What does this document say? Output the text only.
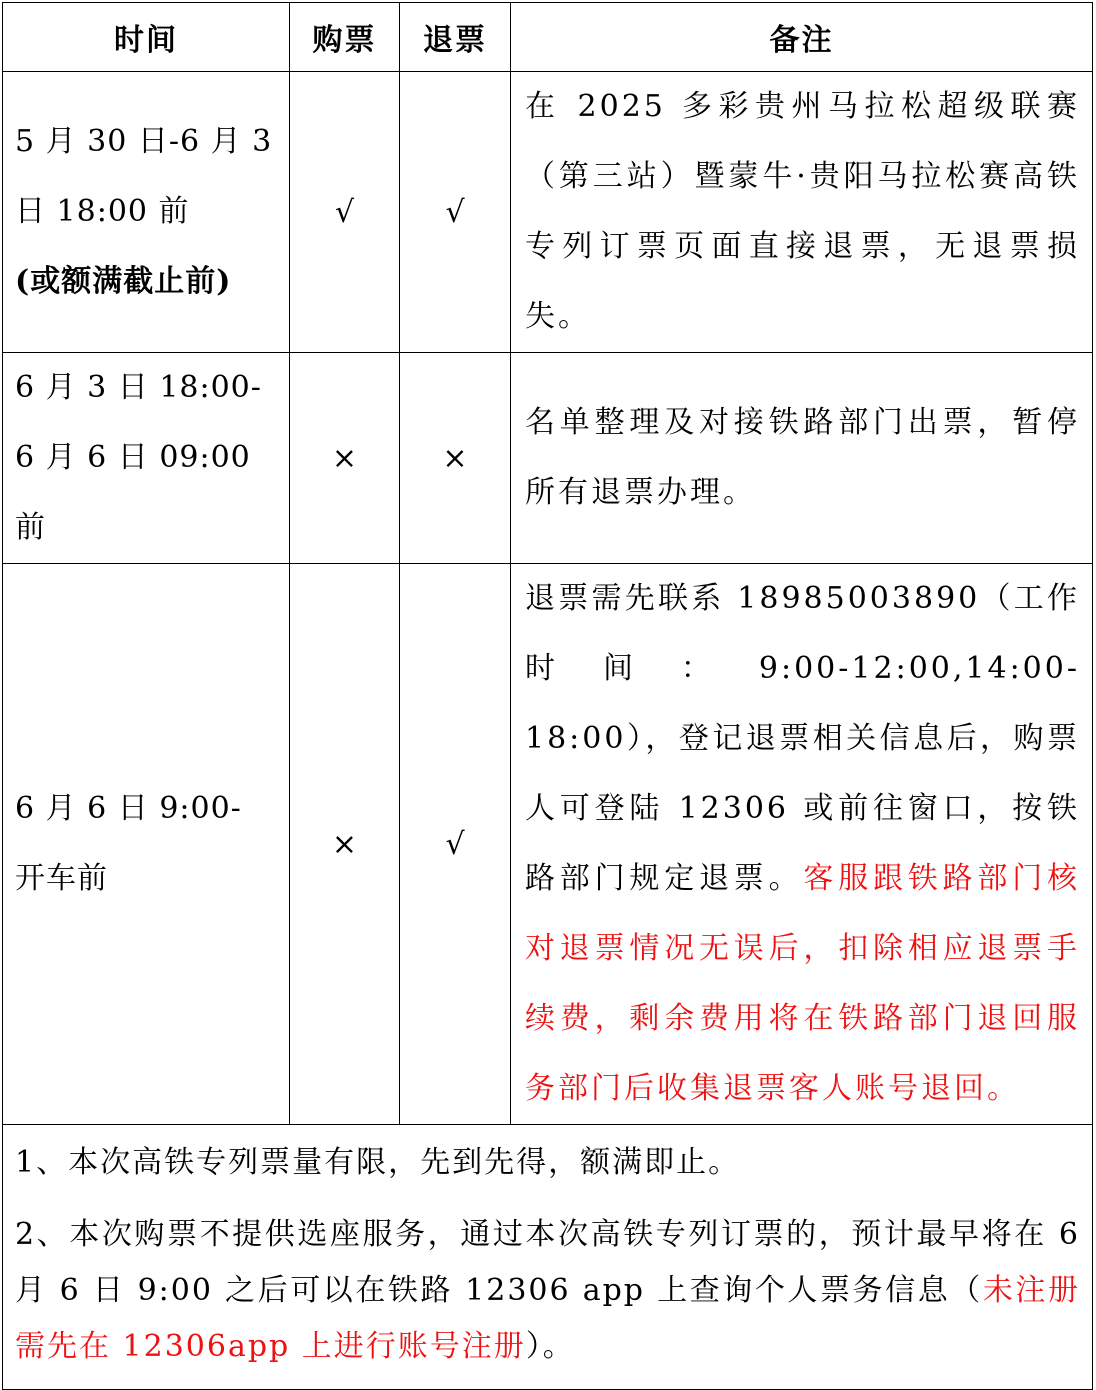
时间	购票	退票	备注

5 月 30 日-6 月 3
日 18:00 前
(或额满截止前)	√	√	在 2025 多彩贵州马拉松超级联赛（第三站）暨蒙牛·贵阳马拉松赛高铁专列订票页面直接退票，无退票损失。

6 月 3 日 18:00-
6 月 6 日 09:00 前	×	×	名单整理及对接铁路部门出票，暂停所有退票办理。

6 月 6 日 9:00-
开车前	×	√	退票需先联系 18985003890（工作时间：9:00-12:00,14:00-18:00），登记退票相关信息后，购票人可登陆 12306 或前往窗口，按铁路部门规定退票。客服跟铁路部门核对退票情况无误后，扣除相应退票手续费，剩余费用将在铁路部门退回服务部门后收集退票客人账号退回。

1、本次高铁专列票量有限，先到先得，额满即止。

2、本次购票不提供选座服务，通过本次高铁专列订票的，预计最早将在 6 月 6 日 9:00 之后可以在铁路 12306 app 上查询个人票务信息（未注册需先在 12306app 上进行账号注册）。			
